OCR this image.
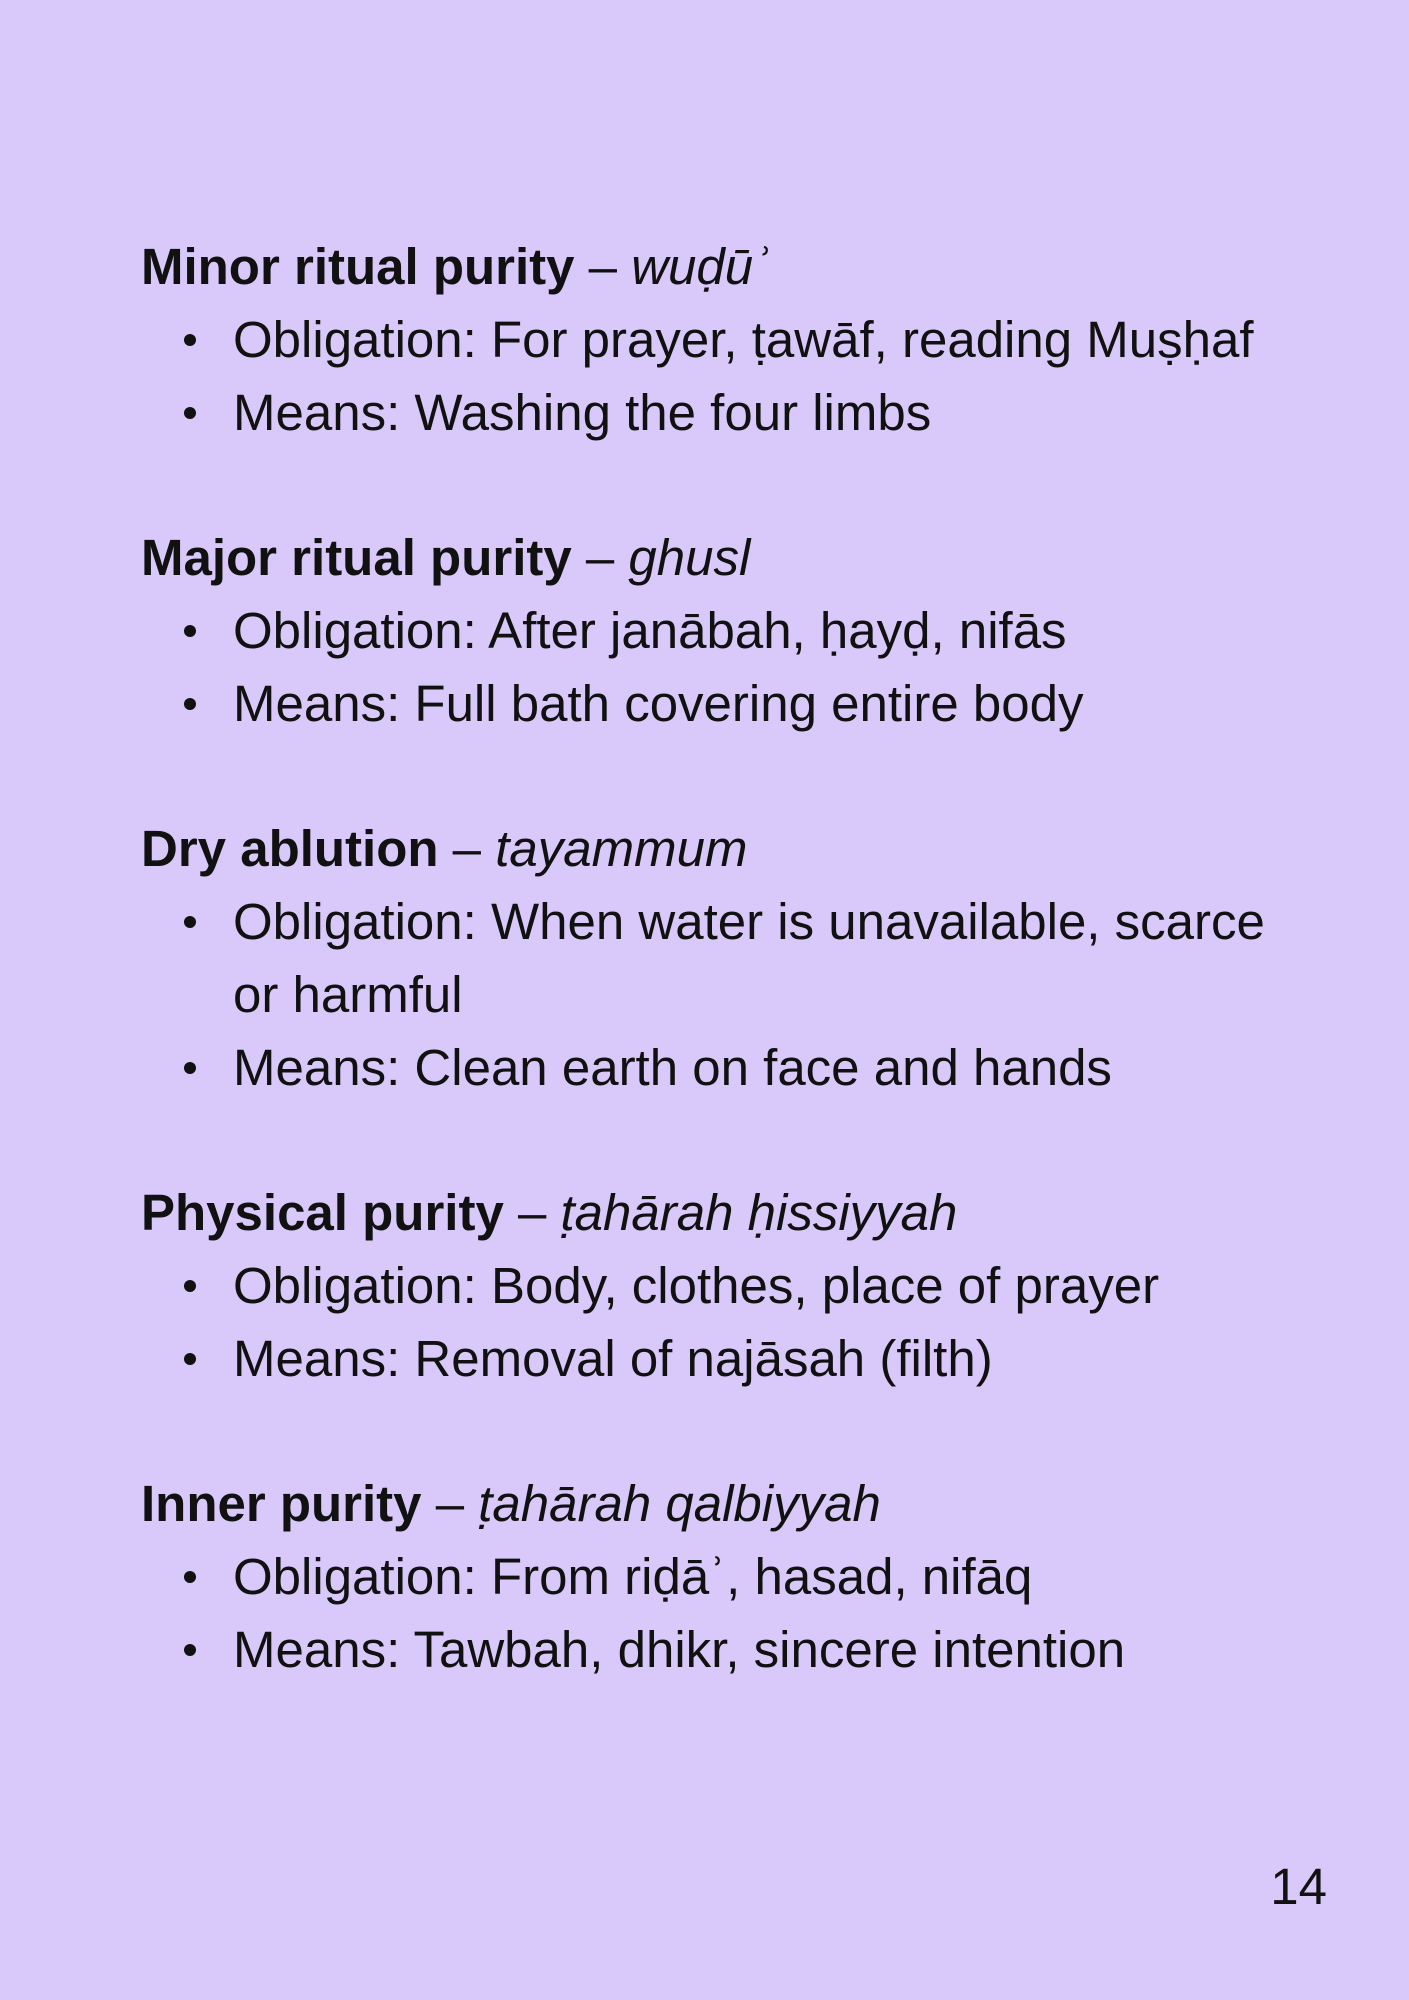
Minor ritual purity – wuḍūʾ

Obligation: For prayer, ṭawāf, reading Muṣḥaf
Means: Washing the four limbs

Major ritual purity – ghusl

Obligation: After janābah, ḥayḍ, nifās
Means: Full bath covering entire body

Dry ablution – tayammum

Obligation: When water is unavailable, scarce or harmful
Means: Clean earth on face and hands

Physical purity – ṭahārah ḥissiyyah

Obligation: Body, clothes, place of prayer
Means: Removal of najāsah (filth)

Inner purity – ṭahārah qalbiyyah

Obligation: From riḍāʾ, hasad, nifāq
Means: Tawbah, dhikr, sincere intention
14
